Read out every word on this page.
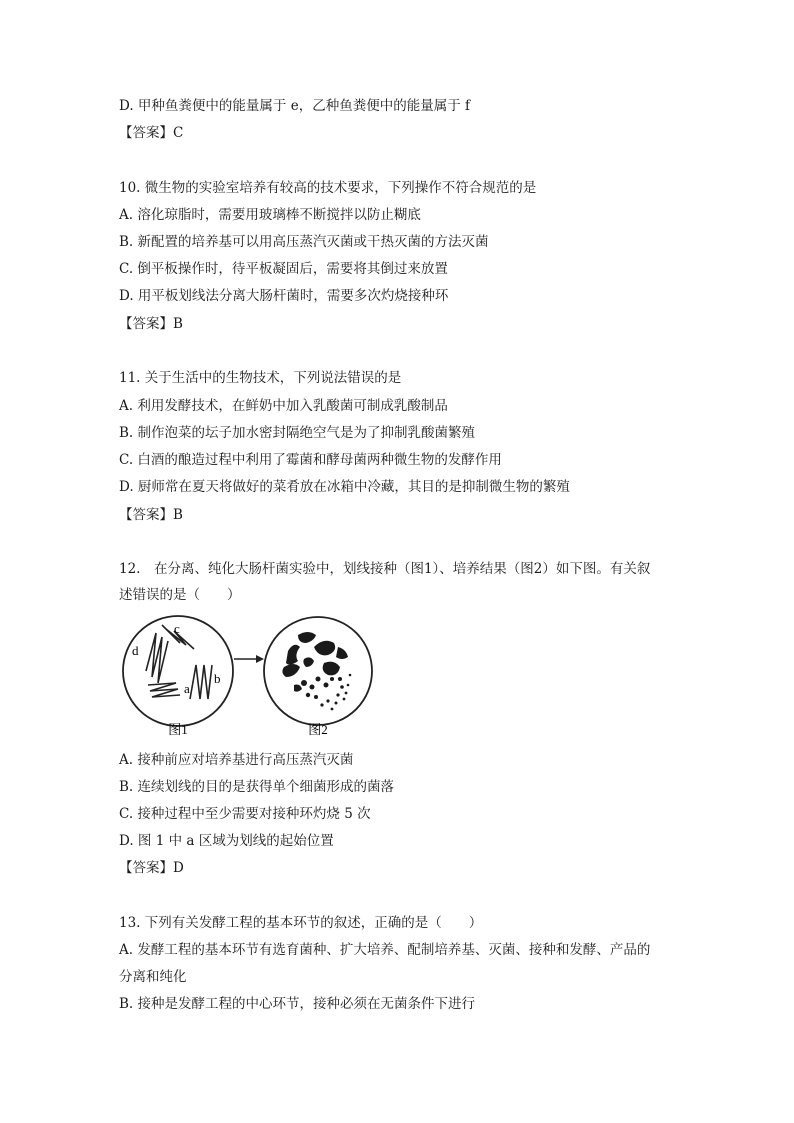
D. 甲种鱼粪便中的能量属于 e，乙种鱼粪便中的能量属于 f
【答案】C
10. 微生物的实验室培养有较高的技术要求，下列操作不符合规范的是
A. 溶化琼脂时，需要用玻璃棒不断搅拌以防止糊底
B. 新配置的培养基可以用高压蒸汽灭菌或干热灭菌的方法灭菌
C. 倒平板操作时，待平板凝固后，需要将其倒过来放置
D. 用平板划线法分离大肠杆菌时，需要多次灼烧接种环
【答案】B
11. 关于生活中的生物技术，下列说法错误的是
A. 利用发酵技术，在鲜奶中加入乳酸菌可制成乳酸制品
B. 制作泡菜的坛子加水密封隔绝空气是为了抑制乳酸菌繁殖
C. 白酒的酿造过程中利用了霉菌和酵母菌两种微生物的发酵作用
D. 厨师常在夏天将做好的菜肴放在冰箱中冷藏，其目的是抑制微生物的繁殖
【答案】B
12.　在分离、纯化大肠杆菌实验中，划线接种（图1）、培养结果（图2）如下图。有关叙
述错误的是（　　）
d
c
a
b
图1	图2
A. 接种前应对培养基进行高压蒸汽灭菌
B. 连续划线的目的是获得单个细菌形成的菌落
C. 接种过程中至少需要对接种环灼烧 5 次
D. 图 1 中 a 区域为划线的起始位置
【答案】D
13. 下列有关发酵工程的基本环节的叙述，正确的是（　　）
A. 发酵工程的基本环节有选育菌种、扩大培养、配制培养基、灭菌、接种和发酵、产品的
分离和纯化
B. 接种是发酵工程的中心环节，接种必须在无菌条件下进行
